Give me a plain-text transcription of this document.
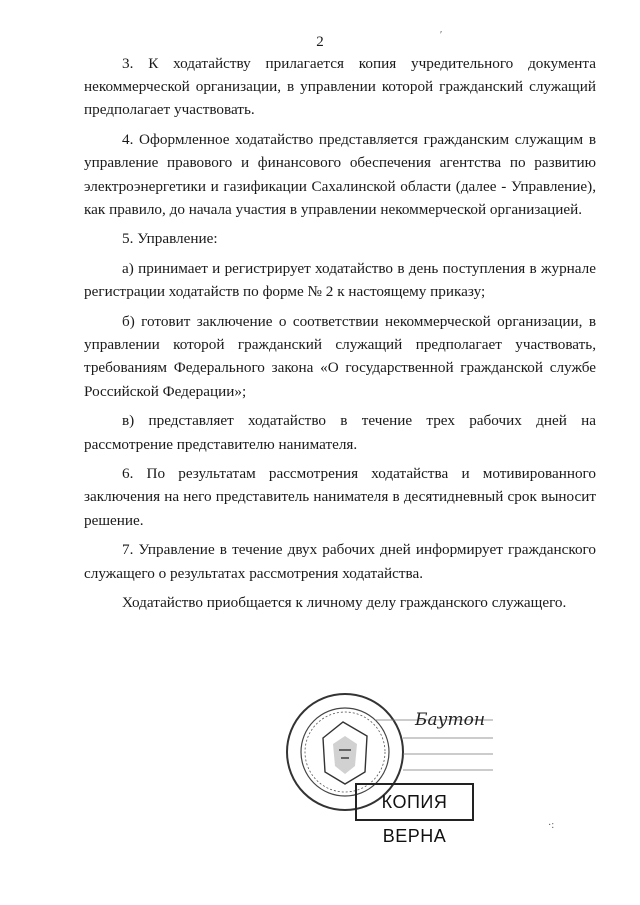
2

3. К ходатайству прилагается копия учредительного документа некоммерческой организации, в управлении которой гражданский служащий предполагает участвовать.

4. Оформленное ходатайство представляется гражданским служащим в управление правового и финансового обеспечения агентства по развитию электроэнергетики и газификации Сахалинской области (далее - Управление), как правило, до начала участия в управлении некоммерческой организацией.

5. Управление:

а) принимает и регистрирует ходатайство в день поступления в журнале регистрации ходатайств по форме № 2 к настоящему приказу;

б) готовит заключение о соответствии некоммерческой организации, в управлении которой гражданский служащий предполагает участвовать, требованиям Федерального закона «О государственной гражданской службе Российской Федерации»;

в) представляет ходатайство в течение трех рабочих дней на рассмотрение представителю нанимателя.

6. По результатам рассмотрения ходатайства и мотивированного заключения на него представитель нанимателя в десятидневный срок выносит решение.

7. Управление в течение двух рабочих дней информирует гражданского служащего о результатах рассмотрения ходатайства.

Ходатайство приобщается к личному делу гражданского служащего.

Баутон
КОПИЯ ВЕРНА
′
·:
